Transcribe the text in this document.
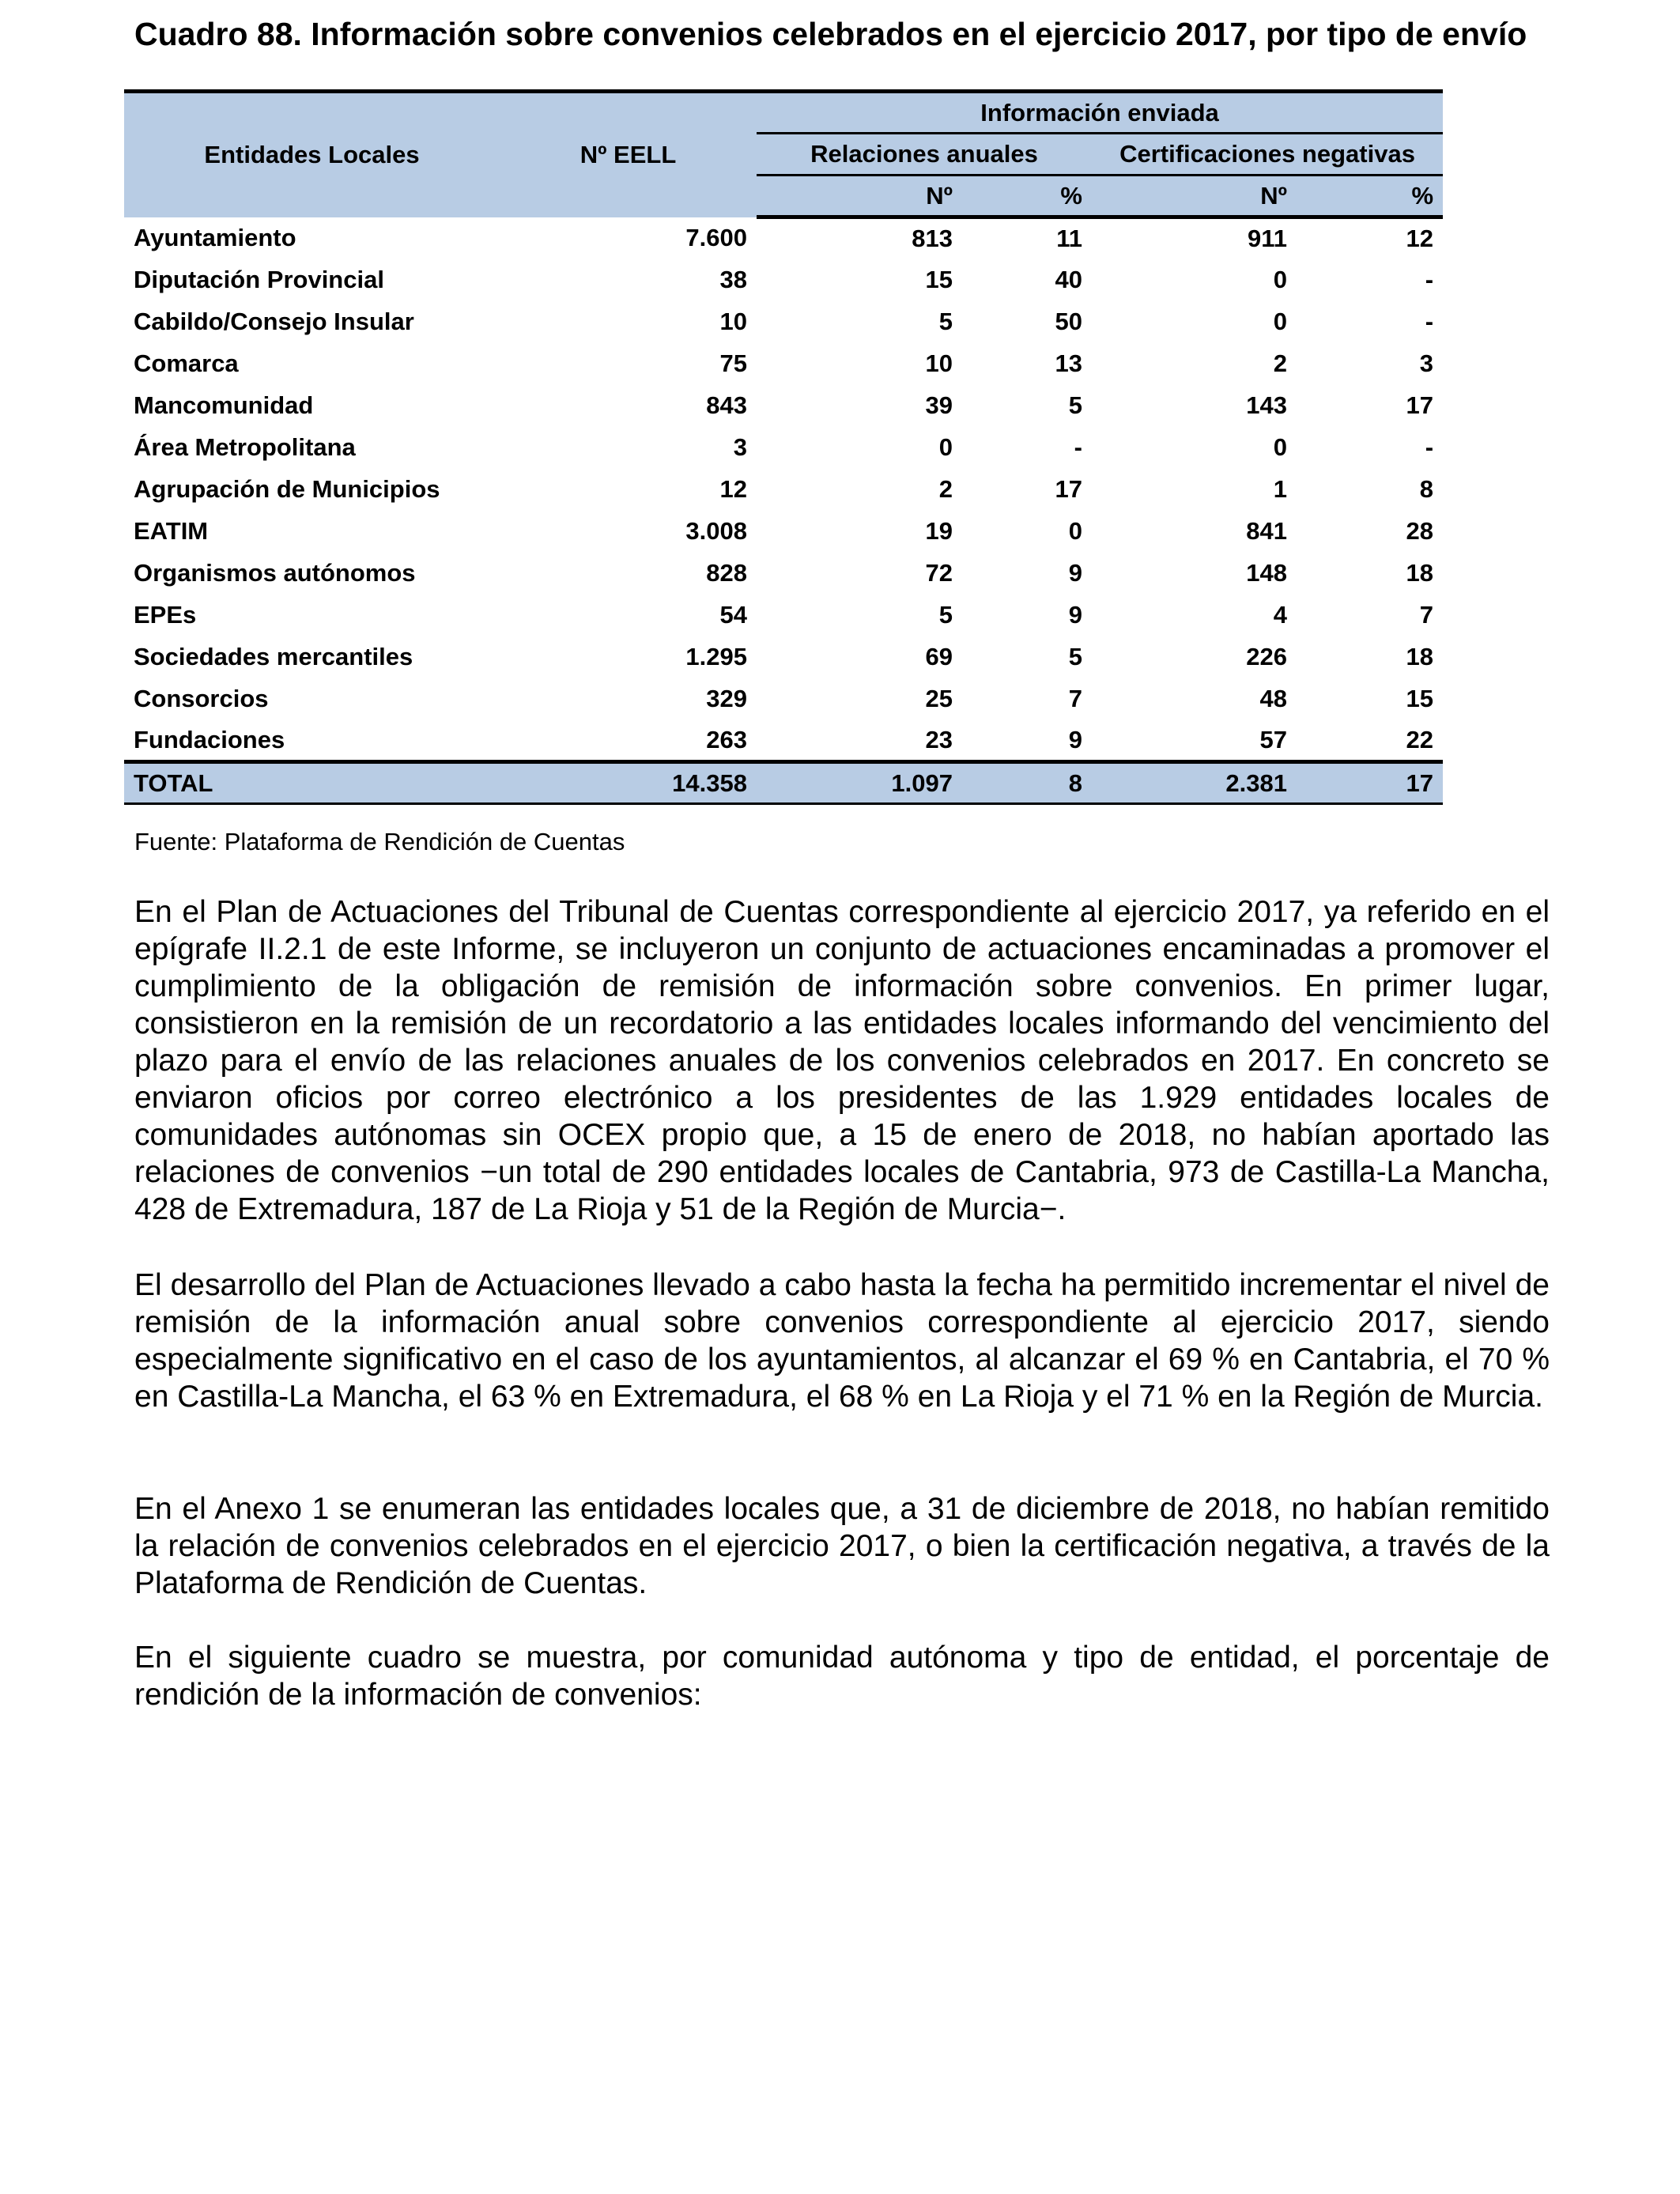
Cuadro 88. Información sobre convenios celebrados en el ejercicio 2017, por tipo de envío
Entidades Locales	Nº EELL	Información enviada			
		Relaciones anuales		Certificaciones negativas	
		Nº	%	Nº	%
Ayuntamiento	7.600	813	11	911	12
Diputación Provincial	38	15	40	0	-
Cabildo/Consejo Insular	10	5	50	0	-
Comarca	75	10	13	2	3
Mancomunidad	843	39	5	143	17
Área Metropolitana	3	0	-	0	-
Agrupación de Municipios	12	2	17	1	8
EATIM	3.008	19	0	841	28
Organismos autónomos	828	72	9	148	18
EPEs	54	5	9	4	7
Sociedades mercantiles	1.295	69	5	226	18
Consorcios	329	25	7	48	15
Fundaciones	263	23	9	57	22
TOTAL	14.358	1.097	8	2.381	17
Fuente: Plataforma de Rendición de Cuentas

En el Plan de Actuaciones del Tribunal de Cuentas correspondiente al ejercicio 2017, ya referido en el epígrafe II.2.1 de este Informe, se incluyeron un conjunto de actuaciones encaminadas a promover el cumplimiento de la obligación de remisión de información sobre convenios. En primer lugar, consistieron en la remisión de un recordatorio a las entidades locales informando del vencimiento del plazo para el envío de las relaciones anuales de los convenios celebrados en 2017. En concreto se enviaron oficios por correo electrónico a los presidentes de las 1.929 entidades locales de comunidades autónomas sin OCEX propio que, a 15 de enero de 2018, no habían aportado las relaciones de convenios −un total de 290 entidades locales de Cantabria, 973 de Castilla-La Mancha, 428 de Extremadura, 187 de La Rioja y 51 de la Región de Murcia−.

El desarrollo del Plan de Actuaciones llevado a cabo hasta la fecha ha permitido incrementar el nivel de remisión de la información anual sobre convenios correspondiente al ejercicio 2017, siendo especialmente significativo en el caso de los ayuntamientos, al alcanzar el 69 % en Cantabria, el 70 % en Castilla-La Mancha, el 63 % en Extremadura, el 68 % en La Rioja y el 71 % en la Región de Murcia.

En el Anexo 1 se enumeran las entidades locales que, a 31 de diciembre de 2018, no habían remitido la relación de convenios celebrados en el ejercicio 2017, o bien la certificación negativa, a través de la Plataforma de Rendición de Cuentas.

En el siguiente cuadro se muestra, por comunidad autónoma y tipo de entidad, el porcentaje de rendición de la información de convenios:
